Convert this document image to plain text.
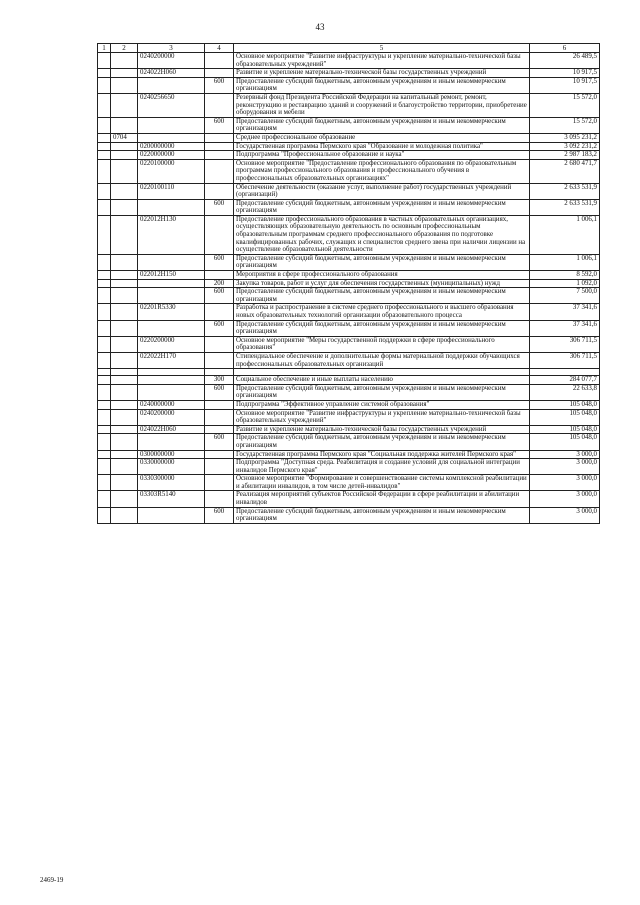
43
1	2	3	4	5	6
		0240200000		Основное мероприятие "Развитие инфраструктуры и укрепление материально-технической базы образовательных учреждений"	26 489,5
		024022Н060		Развитие и укрепление материально-технической базы государственных учреждений	10 917,5
			600	Предоставление субсидий бюджетным, автономным учреждениям и иным некоммерческим организациям	10 917,5
		0240256650		Резервный фонд Президента Российской Федерации на капитальный ремонт, ремонт, реконструкцию и реставрацию зданий и сооружений и благоустройство территории, приобретение оборудования и мебели	15 572,0
			600	Предоставление субсидий бюджетным, автономным учреждениям и иным некоммерческим организациям	15 572,0
	0704			Среднее профессиональное образование	3 095 231,2
		0200000000		Государственная программа Пермского края "Образование и молодежная политика"	3 092 231,2
		0220000000		Подпрограмма "Профессиональное образование и наука"	2 987 183,2
		0220100000		Основное мероприятие "Предоставление профессионального образования по образовательным программам профессионального образования и профессионального обучения в профессиональных образовательных организациях"	2 680 471,7
		0220100110		Обеспечение деятельности (оказание услуг, выполнение работ) государственных учреждений (организаций)	2 633 531,9
			600	Предоставление субсидий бюджетным, автономным учреждениям и иным некоммерческим организациям	2 633 531,9
		022012Н130		Предоставление профессионального образования в частных образовательных организациях, осуществляющих образовательную деятельность по основным профессиональным образовательным программам среднего профессионального образования по подготовке квалифицированных рабочих, служащих и специалистов среднего звена при наличии лицензии на осуществление образовательной деятельности	1 006,1
			600	Предоставление субсидий бюджетным, автономным учреждениям и иным некоммерческим организациям	1 006,1
		022012Н150		Мероприятия в сфере профессионального образования	8 592,0
			200	Закупка товаров, работ и услуг для обеспечения государственных (муниципальных) нужд	1 092,0
			600	Предоставление субсидий бюджетным, автономным учреждениям и иным некоммерческим организациям	7 500,0
		02201R5330		Разработка и распространение в системе среднего профессионального и высшего образования новых образовательных технологий организации образовательного процесса	37 341,6
			600	Предоставление субсидий бюджетным, автономным учреждениям и иным некоммерческим организациям	37 341,6
		0220200000		Основное мероприятие "Меры государственной поддержки в сфере профессионального образования"	306 711,5
		022022Н170		Стипендиальное обеспечение и дополнительные формы материальной поддержки обучающихся профессиональных образовательных организаций	306 711,5

			300	Социальное обеспечение и иные выплаты населению	284 077,7
			600	Предоставление субсидий бюджетным, автономным учреждениям и иным некоммерческим организациям	22 633,8
		0240000000		Подпрограмма "Эффективное управление системой образования"	105 048,0
		0240200000		Основное мероприятие "Развитие инфраструктуры и укрепление материально-технической базы образовательных учреждений"	105 048,0
		024022Н060		Развитие и укрепление материально-технической базы государственных учреждений	105 048,0
			600	Предоставление субсидий бюджетным, автономным учреждениям и иным некоммерческим организациям	105 048,0
		0300000000		Государственная программа Пермского края "Социальная поддержка жителей Пермского края"	3 000,0
		0330000000		Подпрограмма "Доступная среда. Реабилитация и создание условий для социальной интеграции инвалидов Пермского края"	3 000,0
		0330300000		Основное мероприятие "Формирование и совершенствование системы комплексной реабилитации и абилитации инвалидов, в том числе детей-инвалидов"	3 000,0
		03303R5140		Реализация мероприятий субъектов Российской Федерации в сфере реабилитации и абилитации инвалидов	3 000,0
			600	Предоставление субсидий бюджетным, автономным учреждениям и иным некоммерческим организациям	3 000,0
2469-19
